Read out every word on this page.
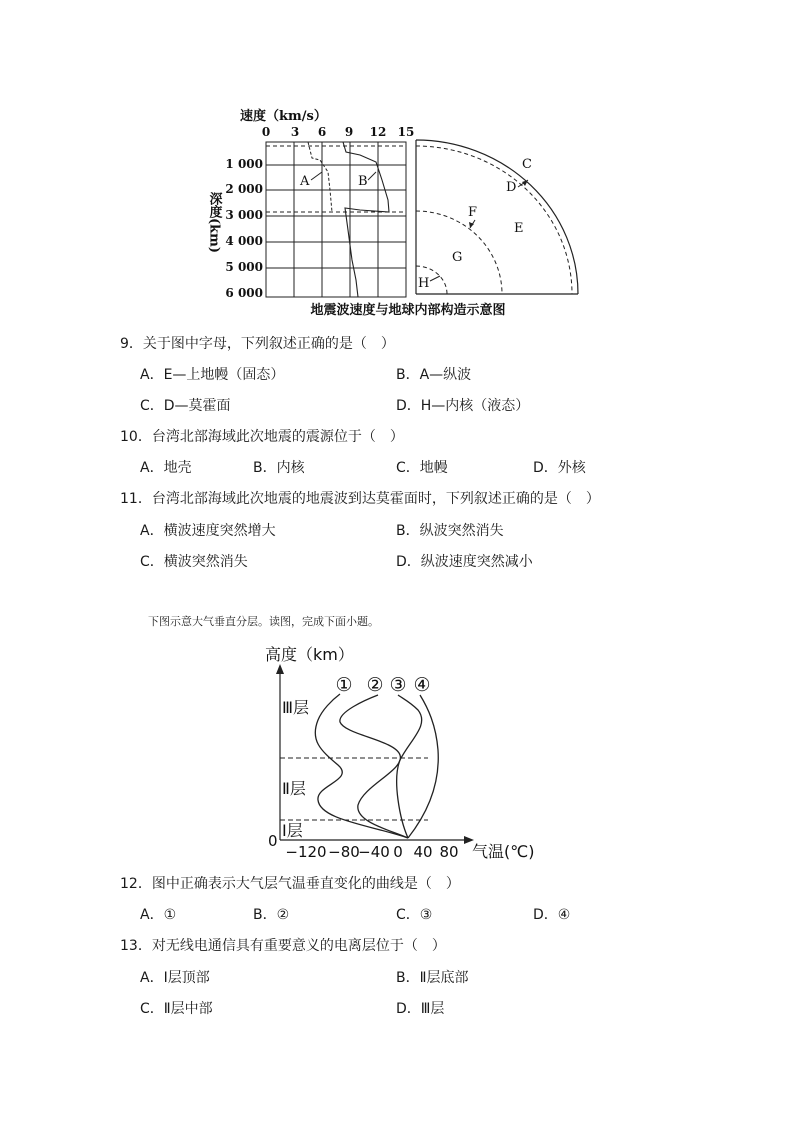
速度（km/s）
0 3 6 9 12 15
1 000
2 000
3 000
4 000
5 000
6 000
深度(km)
A	B
C
D
E
F
G
H
地震波速度与地球内部构造示意图
9．关于图中字母，下列叙述正确的是（　）
A．E—上地幔（固态）	B．A—纵波
C．D—莫霍面	D．H—内核（液态）
10．台湾北部海域此次地震的震源位于（　）
A．地壳	B．内核	C．地幔	D．外核
11．台湾北部海域此次地震的地震波到达莫霍面时，下列叙述正确的是（　）
A．横波速度突然增大	B．纵波突然消失
C．横波突然消失	D．纵波速度突然减小
下图示意大气垂直分层。读图，完成下面小题。
高度（km）
0
−120 −80
−40 0 40 80 气温(℃)
Ⅲ层
Ⅱ层
Ⅰ层
① ② ③ ④
12．图中正确表示大气层气温垂直变化的曲线是（　）
A．①	B．②	C．③	D．④
13．对无线电通信具有重要意义的电离层位于（　）
A．Ⅰ层顶部	B．Ⅱ层底部
C．Ⅱ层中部	D．Ⅲ层
